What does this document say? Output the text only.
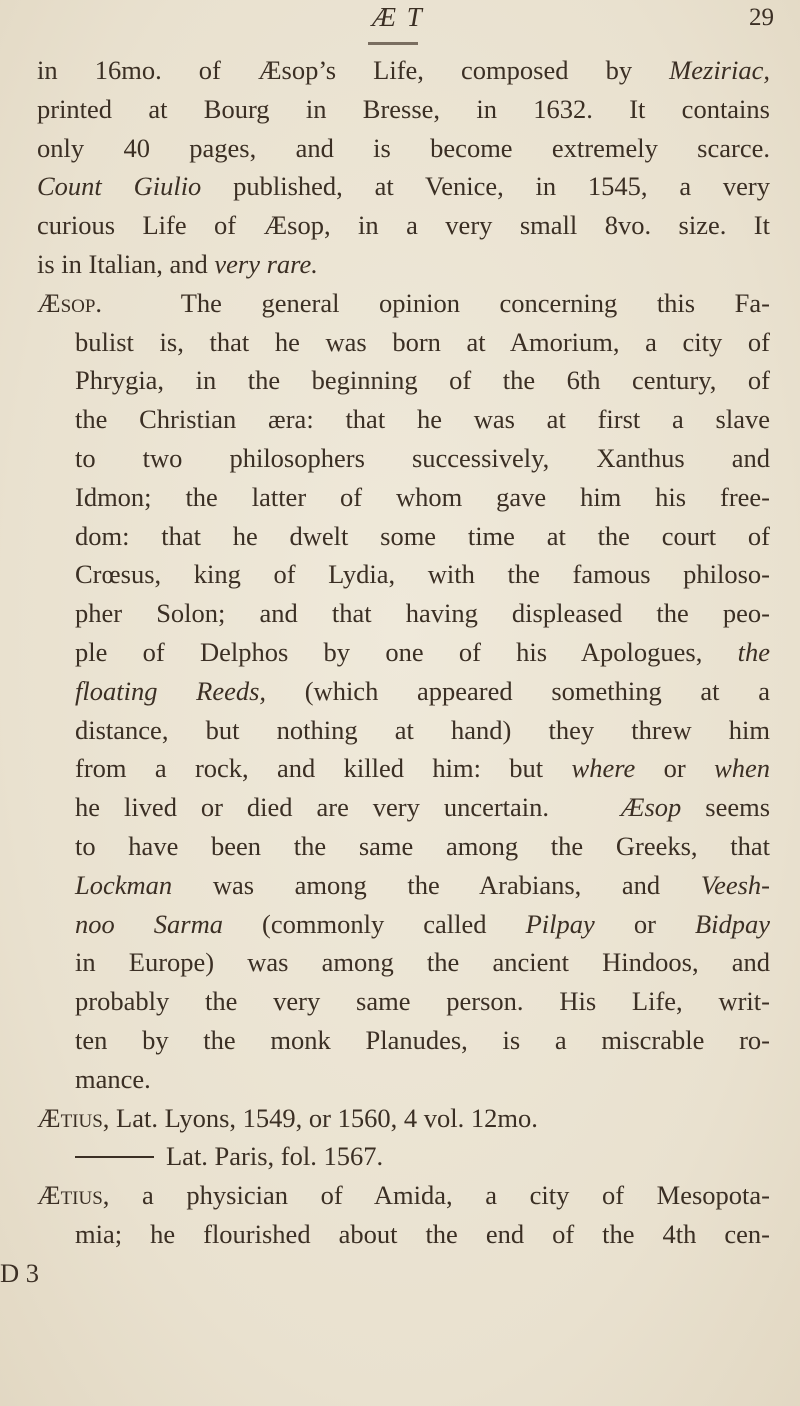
Æ T	29
in 16mo. of Æsop’s Life, composed by Meziriac,
printed at Bourg in Bresse, in 1632. It contains
only 40 pages, and is become extremely scarce.
Count Giulio published, at Venice, in 1545, a very
curious Life of Æsop, in a very small 8vo. size. It
is in Italian, and very rare.
Æsop.	The general opinion concerning this Fa-
bulist is, that he was born at Amorium, a city of
Phrygia, in the beginning of the 6th century, of
the Christian æra: that he was at first a slave
to two philosophers successively, Xanthus and
Idmon; the latter of whom gave him his free-
dom: that he dwelt some time at the court of
Crœsus, king of Lydia, with the famous philoso-
pher Solon; and that having displeased the peo-
ple of Delphos by one of his Apologues, the
floating Reeds, (which appeared something at a
distance, but nothing at hand) they threw him
from a rock, and killed him: but where or when
he lived or died are very uncertain.	Æsop seems
to have been the same among the Greeks, that
Lockman was among the Arabians, and Veesh-
noo Sarma (commonly called Pilpay or Bidpay
in Europe) was among the ancient Hindoos, and
probably the very same person. His Life, writ-
ten by the monk Planudes, is a miscrable ro-
mance.
Ætius, Lat. Lyons, 1549, or 1560, 4 vol. 12mo.
Lat. Paris, fol. 1567.
Ætius, a physician of Amida, a city of Mesopota-
mia; he flourished about the end of the 4th cen-
D 3
